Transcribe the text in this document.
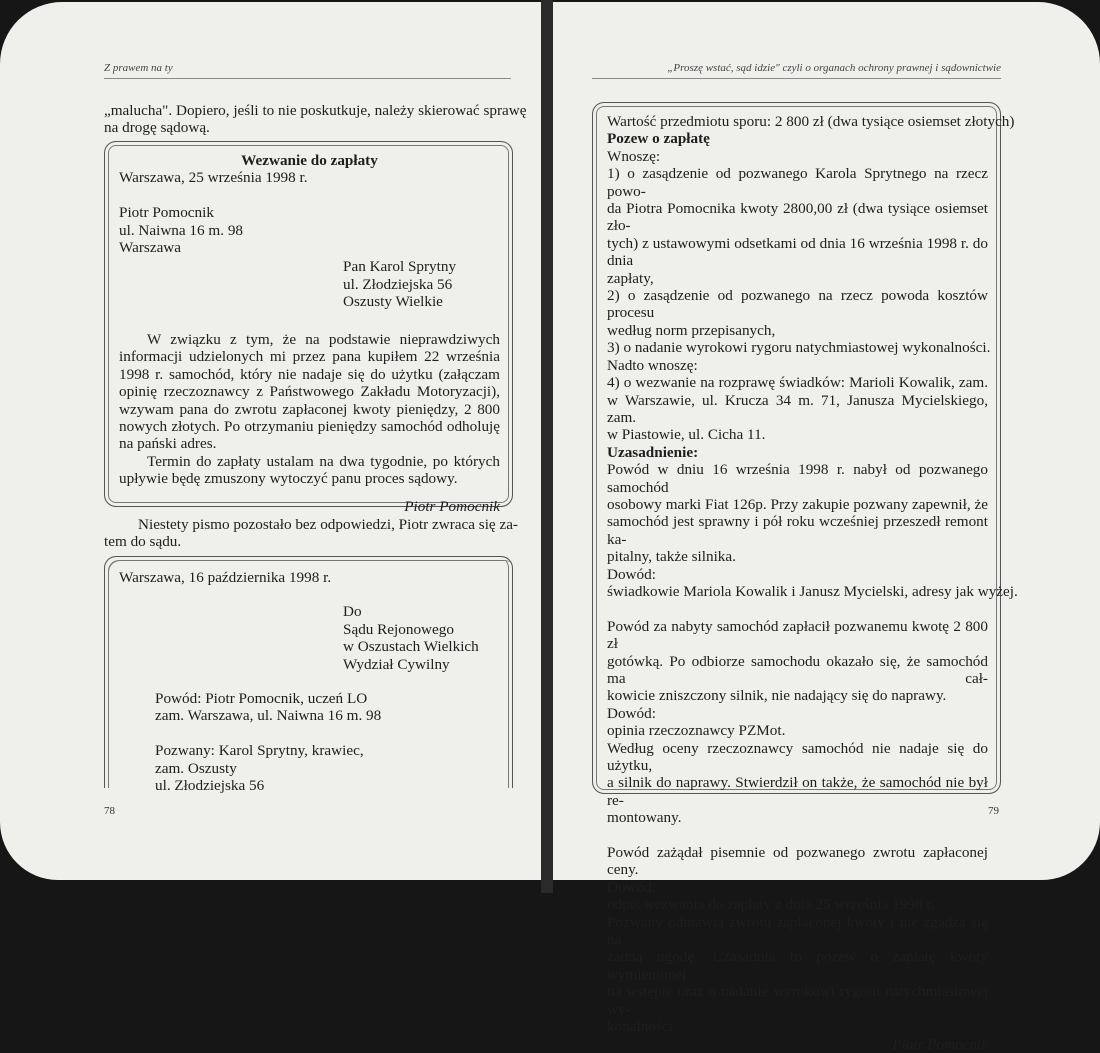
Z prawem na ty

„malucha". Dopiero, jeśli to nie poskutkuje, należy skierować sprawę
na drogę sądową.

Wezwanie do zapłaty
Warszawa, 25 września 1998 r.
Piotr Pomocnik
ul. Naiwna 16 m. 98
Warszawa
Pan Karol Sprytny
ul. Złodziejska 56
Oszusty Wielkie

W związku z tym, że na podstawie nieprawdziwych informacji udzielonych mi przez pana kupiłem 22 września 1998 r. samochód, który nie nadaje się do użytku (załączam opinię rzeczoznawcy z Państwowego Zakładu Motoryzacji), wzywam pana do zwrotu zapłaconej kwoty pieniędzy, 2 800 nowych złotych. Po otrzymaniu pieniędzy samochód odholuję na pański adres.

Termin do zapłaty ustalam na dwa tygodnie, po których upływie będę zmuszony wytoczyć panu proces sądowy.

Piotr Pomocnik

Niestety pismo pozostało bez odpowiedzi, Piotr zwraca się za-
tem do sądu.

Warszawa, 16 października 1998 r.
Do
Sądu Rejonowego
w Oszustach Wielkich
Wydział Cywilny
Powód: Piotr Pomocnik, uczeń LO
zam. Warszawa, ul. Naiwna 16 m. 98
Pozwany: Karol Sprytny, krawiec,
zam. Oszusty
ul. Złodziejska 56
78
„Proszę wstać, sąd idzie" czyli o organach ochrony prawnej i sądownictwie
Wartość przedmiotu sporu: 2 800 zł (dwa tysiące osiemset złotych)
Pozew o zapłatę
Wnoszę:
1) o zasądzenie od pozwanego Karola Sprytnego na rzecz powo-
da Piotra Pomocnika kwoty 2800,00 zł (dwa tysiące osiemset zło-
tych) z ustawowymi odsetkami od dnia 16 września 1998 r. do dnia
zapłaty,
2) o zasądzenie od pozwanego na rzecz powoda kosztów procesu
według norm przepisanych,
3) o nadanie wyrokowi rygoru natychmiastowej wykonalności.
Nadto wnoszę:
4) o wezwanie na rozprawę świadków: Marioli Kowalik, zam.
w Warszawie, ul. Krucza 34 m. 71, Janusza Mycielskiego, zam.
w Piastowie, ul. Cicha 11.
Uzasadnienie:
Powód w dniu 16 września 1998 r. nabył od pozwanego samochód
osobowy marki Fiat 126p. Przy zakupie pozwany zapewnił, że
samochód jest sprawny i pół roku wcześniej przeszedł remont ka-
pitalny, także silnika.
Dowód:
świadkowie Mariola Kowalik i Janusz Mycielski, adresy jak wyżej.
Powód za nabyty samochód zapłacił pozwanemu kwotę 2 800 zł
gotówką. Po odbiorze samochodu okazało się, że samochód ma cał-
kowicie zniszczony silnik, nie nadający się do naprawy.
Dowód:
opinia rzeczoznawcy PZMot.
Według oceny rzeczoznawcy samochód nie nadaje się do użytku,
a silnik do naprawy. Stwierdził on także, że samochód nie był re-
montowany.
Powód zażądał pisemnie od pozwanego zwrotu zapłaconej ceny.
Dowód:
odpis wezwania do zapłaty z dnia 25 września 1998 r.
Pozwany odmawia zwrotu zapłaconej kwoty i nie zgadza się na
żadną ugodę. Uzasadnia to pozew o zapłatę kwoty wymienionej
na wstępie oraz o nadanie wyrokowi rygoru natychmiastowej wy-
konalności.
Piotr Pomocnik
79
